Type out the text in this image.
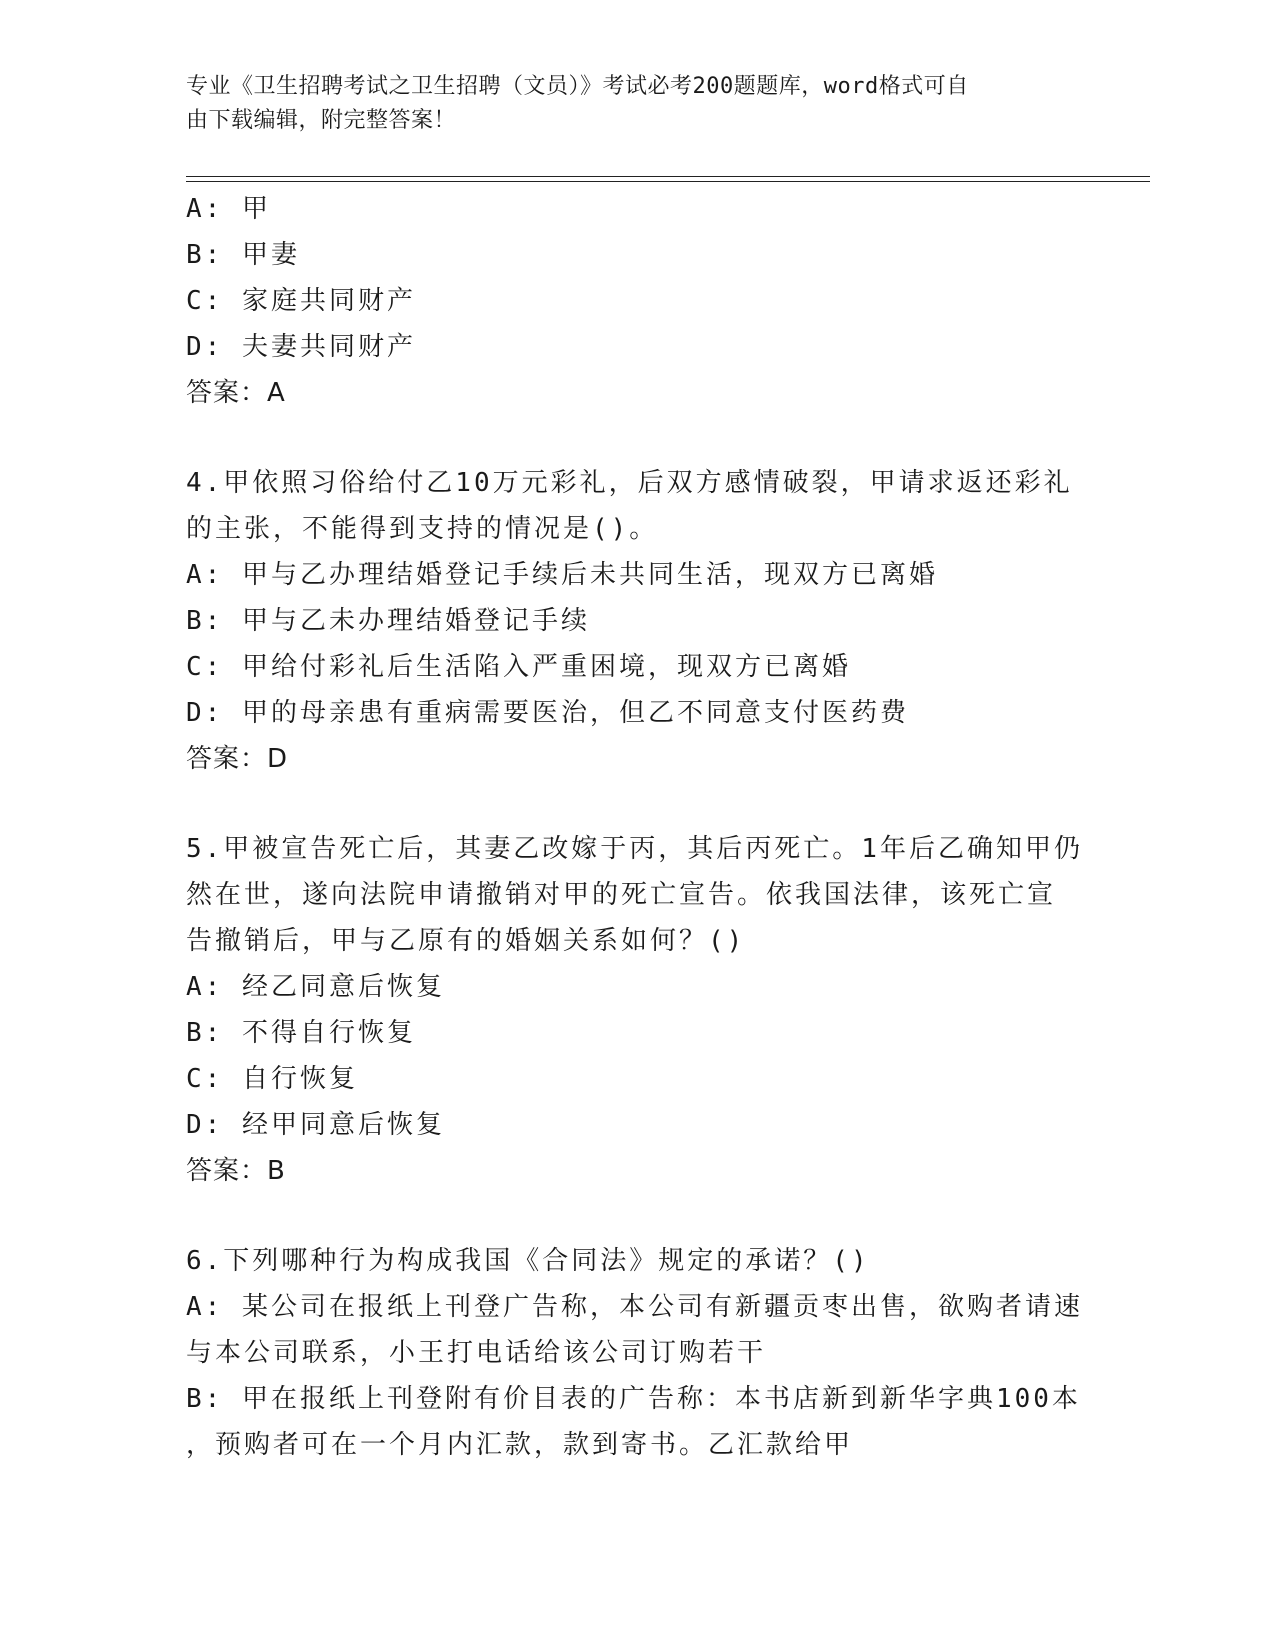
专业《卫生招聘考试之卫生招聘（文员）》考试必考200题题库，word格式可自
由下载编辑，附完整答案！
A: 甲
B: 甲妻
C: 家庭共同财产
D: 夫妻共同财产
答案：A
4.甲依照习俗给付乙10万元彩礼，后双方感情破裂，甲请求返还彩礼
的主张，不能得到支持的情况是()。
A: 甲与乙办理结婚登记手续后未共同生活，现双方已离婚
B: 甲与乙未办理结婚登记手续
C: 甲给付彩礼后生活陷入严重困境，现双方已离婚
D: 甲的母亲患有重病需要医治，但乙不同意支付医药费
答案：D
5.甲被宣告死亡后，其妻乙改嫁于丙，其后丙死亡。1年后乙确知甲仍
然在世，遂向法院申请撤销对甲的死亡宣告。依我国法律，该死亡宣
告撤销后，甲与乙原有的婚姻关系如何？()
A: 经乙同意后恢复
B: 不得自行恢复
C: 自行恢复
D: 经甲同意后恢复
答案：B
6.下列哪种行为构成我国《合同法》规定的承诺？()
A: 某公司在报纸上刊登广告称，本公司有新疆贡枣出售，欲购者请速
与本公司联系，小王打电话给该公司订购若干
B: 甲在报纸上刊登附有价目表的广告称：本书店新到新华字典100本
，预购者可在一个月内汇款，款到寄书。乙汇款给甲
